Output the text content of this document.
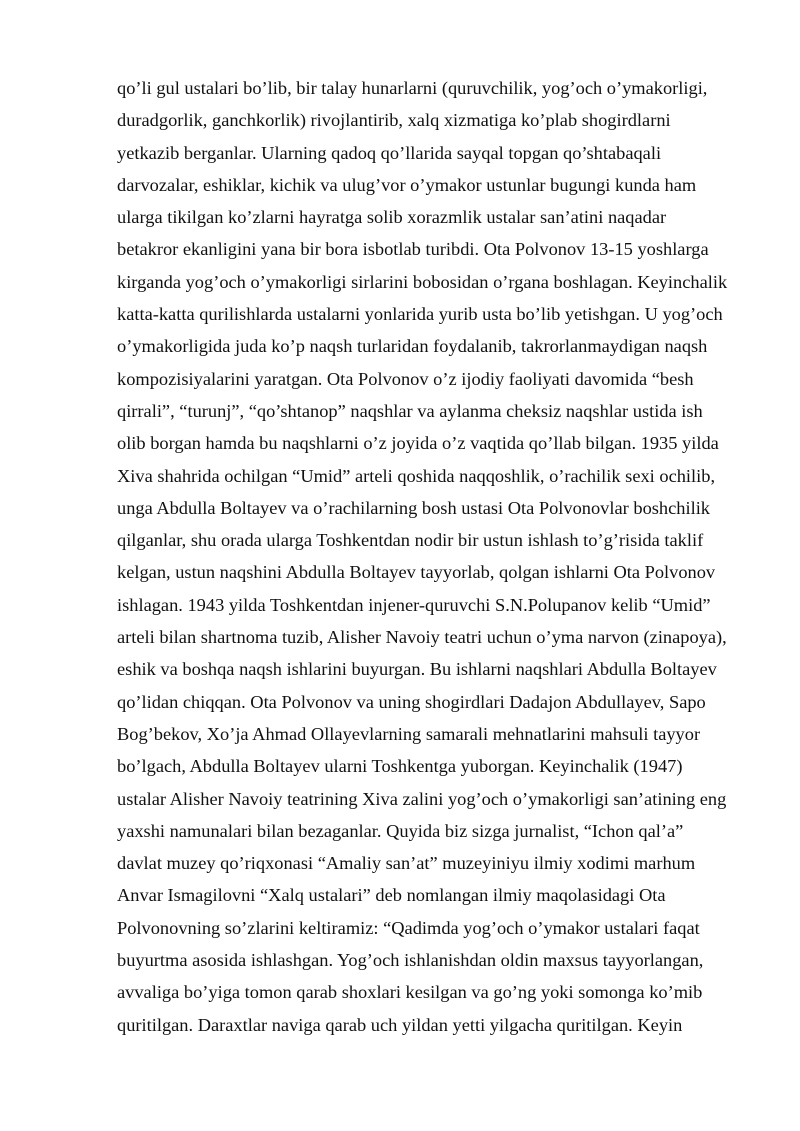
qo’li gul ustalari bo’lib, bir talay hunarlarni (quruvchilik, yog’och o’ymakorligi,
duradgorlik, ganchkorlik) rivojlantirib, xalq xizmatiga ko’plab shogirdlarni
yetkazib berganlar. Ularning qadoq qo’llarida sayqal topgan qo’shtabaqali
darvozalar, eshiklar, kichik va ulug’vor o’ymakor ustunlar bugungi kunda ham
ularga tikilgan ko’zlarni hayratga solib xorazmlik ustalar san’atini naqadar
betakror ekanligini yana bir bora isbotlab turibdi. Ota Polvonov 13-15 yoshlarga
kirganda yog’och o’ymakorligi sirlarini bobosidan o’rgana boshlagan. Keyinchalik
katta-katta qurilishlarda ustalarni yonlarida yurib usta bo’lib yetishgan. U yog’och
o’ymakorligida juda ko’p naqsh turlaridan foydalanib, takrorlanmaydigan naqsh
kompozisiyalarini yaratgan. Ota Polvonov o’z ijodiy faoliyati davomida “besh
qirrali”, “turunj”, “qo’shtanop” naqshlar va aylanma cheksiz naqshlar ustida ish
olib borgan hamda bu naqshlarni o’z joyida o’z vaqtida qo’llab bilgan. 1935 yilda
Xiva shahrida ochilgan “Umid” arteli qoshida naqqoshlik, o’rachilik sexi ochilib,
unga Abdulla Boltayev va o’rachilarning bosh ustasi Ota Polvonovlar boshchilik
qilganlar, shu orada ularga Toshkentdan nodir bir ustun ishlash to’g’risida taklif
kelgan, ustun naqshini Abdulla Boltayev tayyorlab, qolgan ishlarni Ota Polvonov
ishlagan. 1943 yilda Toshkentdan injener-quruvchi S.N.Polupanov kelib “Umid”
arteli bilan shartnoma tuzib, Alisher Navoiy teatri uchun o’yma narvon (zinapoya),
eshik va boshqa naqsh ishlarini buyurgan. Bu ishlarni naqshlari Abdulla Boltayev
qo’lidan chiqqan. Ota Polvonov va uning shogirdlari Dadajon Abdullayev, Sapo
Bog’bekov, Xo’ja Ahmad Ollayevlarning samarali mehnatlarini mahsuli tayyor
bo’lgach, Abdulla Boltayev ularni Toshkentga yuborgan. Keyinchalik (1947)
ustalar Alisher Navoiy teatrining Xiva zalini yog’och o’ymakorligi san’atining eng
yaxshi namunalari bilan bezaganlar. Quyida biz sizga jurnalist, “Ichon qal’a”
davlat muzey qo’riqxonasi “Amaliy san’at” muzeyiniyu ilmiy xodimi marhum
Anvar Ismagilovni “Xalq ustalari” deb nomlangan ilmiy maqolasidagi Ota
Polvonovning so’zlarini keltiramiz: “Qadimda yog’och o’ymakor ustalari faqat
buyurtma asosida ishlashgan. Yog’och ishlanishdan oldin maxsus tayyorlangan,
avvaliga bo’yiga tomon qarab shoxlari kesilgan va go’ng yoki somonga ko’mib
quritilgan. Daraxtlar naviga qarab uch yildan yetti yilgacha quritilgan. Keyin
